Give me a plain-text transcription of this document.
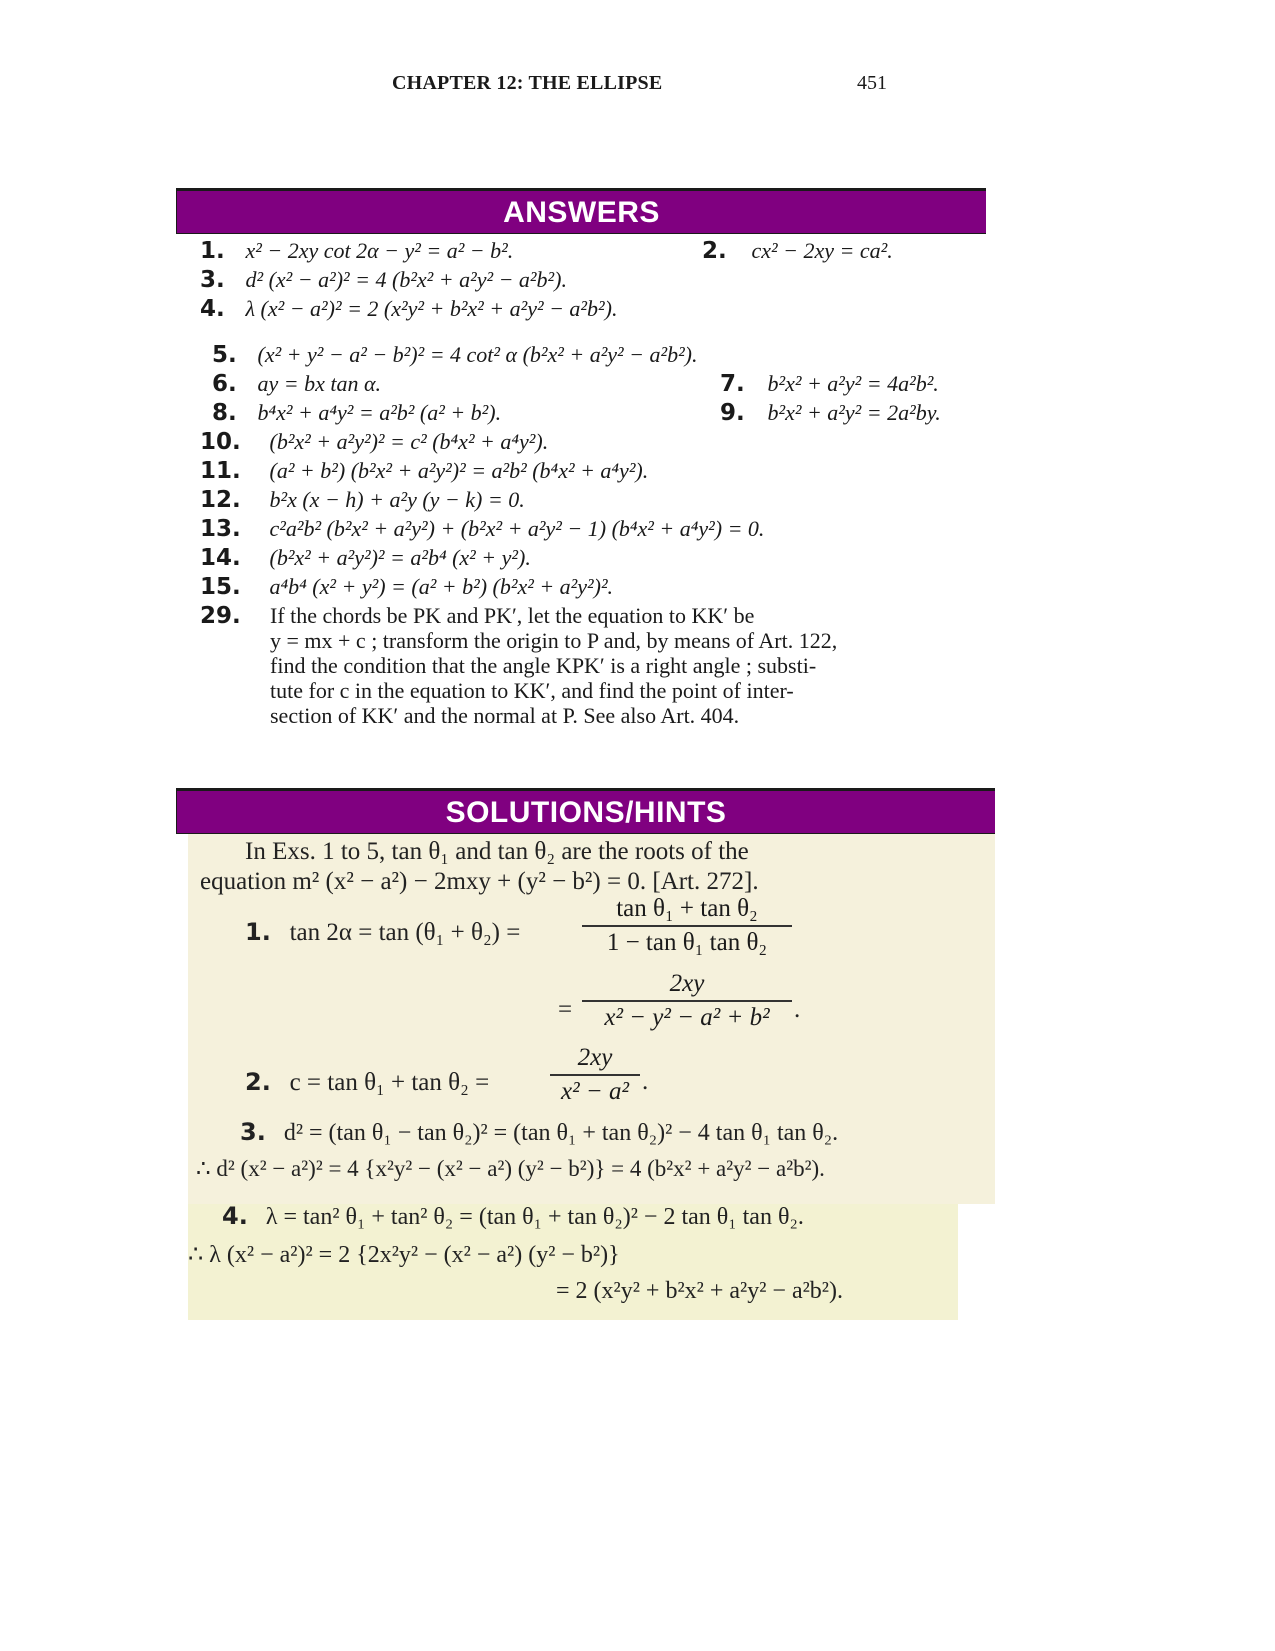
CHAPTER 12: THE ELLIPSE	451
ANSWERS
1. x² − 2xy cot 2α − y² = a² − b².	2. cx² − 2xy = ca².
3. d² (x² − a²)² = 4 (b²x² + a²y² − a²b²).
4. λ (x² − a²)² = 2 (x²y² + b²x² + a²y² − a²b²).
5. (x² + y² − a² − b²)² = 4 cot² α (b²x² + a²y² − a²b²).
6. ay = bx tan α.	7. b²x² + a²y² = 4a²b².
8. b⁴x² + a⁴y² = a²b² (a² + b²).	9. b²x² + a²y² = 2a²by.
10. (b²x² + a²y²)² = c² (b⁴x² + a⁴y²).
11. (a² + b²) (b²x² + a²y²)² = a²b² (b⁴x² + a⁴y²).
12. b²x (x − h) + a²y (y − k) = 0.
13. c²a²b² (b²x² + a²y²) + (b²x² + a²y² − 1) (b⁴x² + a⁴y²) = 0.
14. (b²x² + a²y²)² = a²b⁴ (x² + y²).
15. a⁴b⁴ (x² + y²) = (a² + b²) (b²x² + a²y²)².
29.	If the chords be PK and PK′, let the equation to KK′ be
y = mx + c ; transform the origin to P and, by means of Art. 122,
find the condition that the angle KPK′ is a right angle ; substi-
tute for c in the equation to KK′, and find the point of inter-
section of KK′ and the normal at P. See also Art. 404.
SOLUTIONS/HINTS
In Exs. 1 to 5, tan θ₁ and tan θ₂ are the roots of the
equation m² (x² − a²) − 2mxy + (y² − b²) = 0. [Art. 272].
1. tan 2α = tan (θ₁ + θ₂) =
tan θ₁ + tan θ₂
1 − tan θ₁ tan θ₂
=
2xy
x² − y² − a² + b² .
2. c = tan θ₁ + tan θ₂ =
2xy
x² − a² .
3. d² = (tan θ₁ − tan θ₂)² = (tan θ₁ + tan θ₂)² − 4 tan θ₁ tan θ₂.
∴ d² (x² − a²)² = 4 {x²y² − (x² − a²) (y² − b²)} = 4 (b²x² + a²y² − a²b²).
4. λ = tan² θ₁ + tan² θ₂ = (tan θ₁ + tan θ₂)² − 2 tan θ₁ tan θ₂.
∴ λ (x² − a²)² = 2 {2x²y² − (x² − a²) (y² − b²)}
= 2 (x²y² + b²x² + a²y² − a²b²).
